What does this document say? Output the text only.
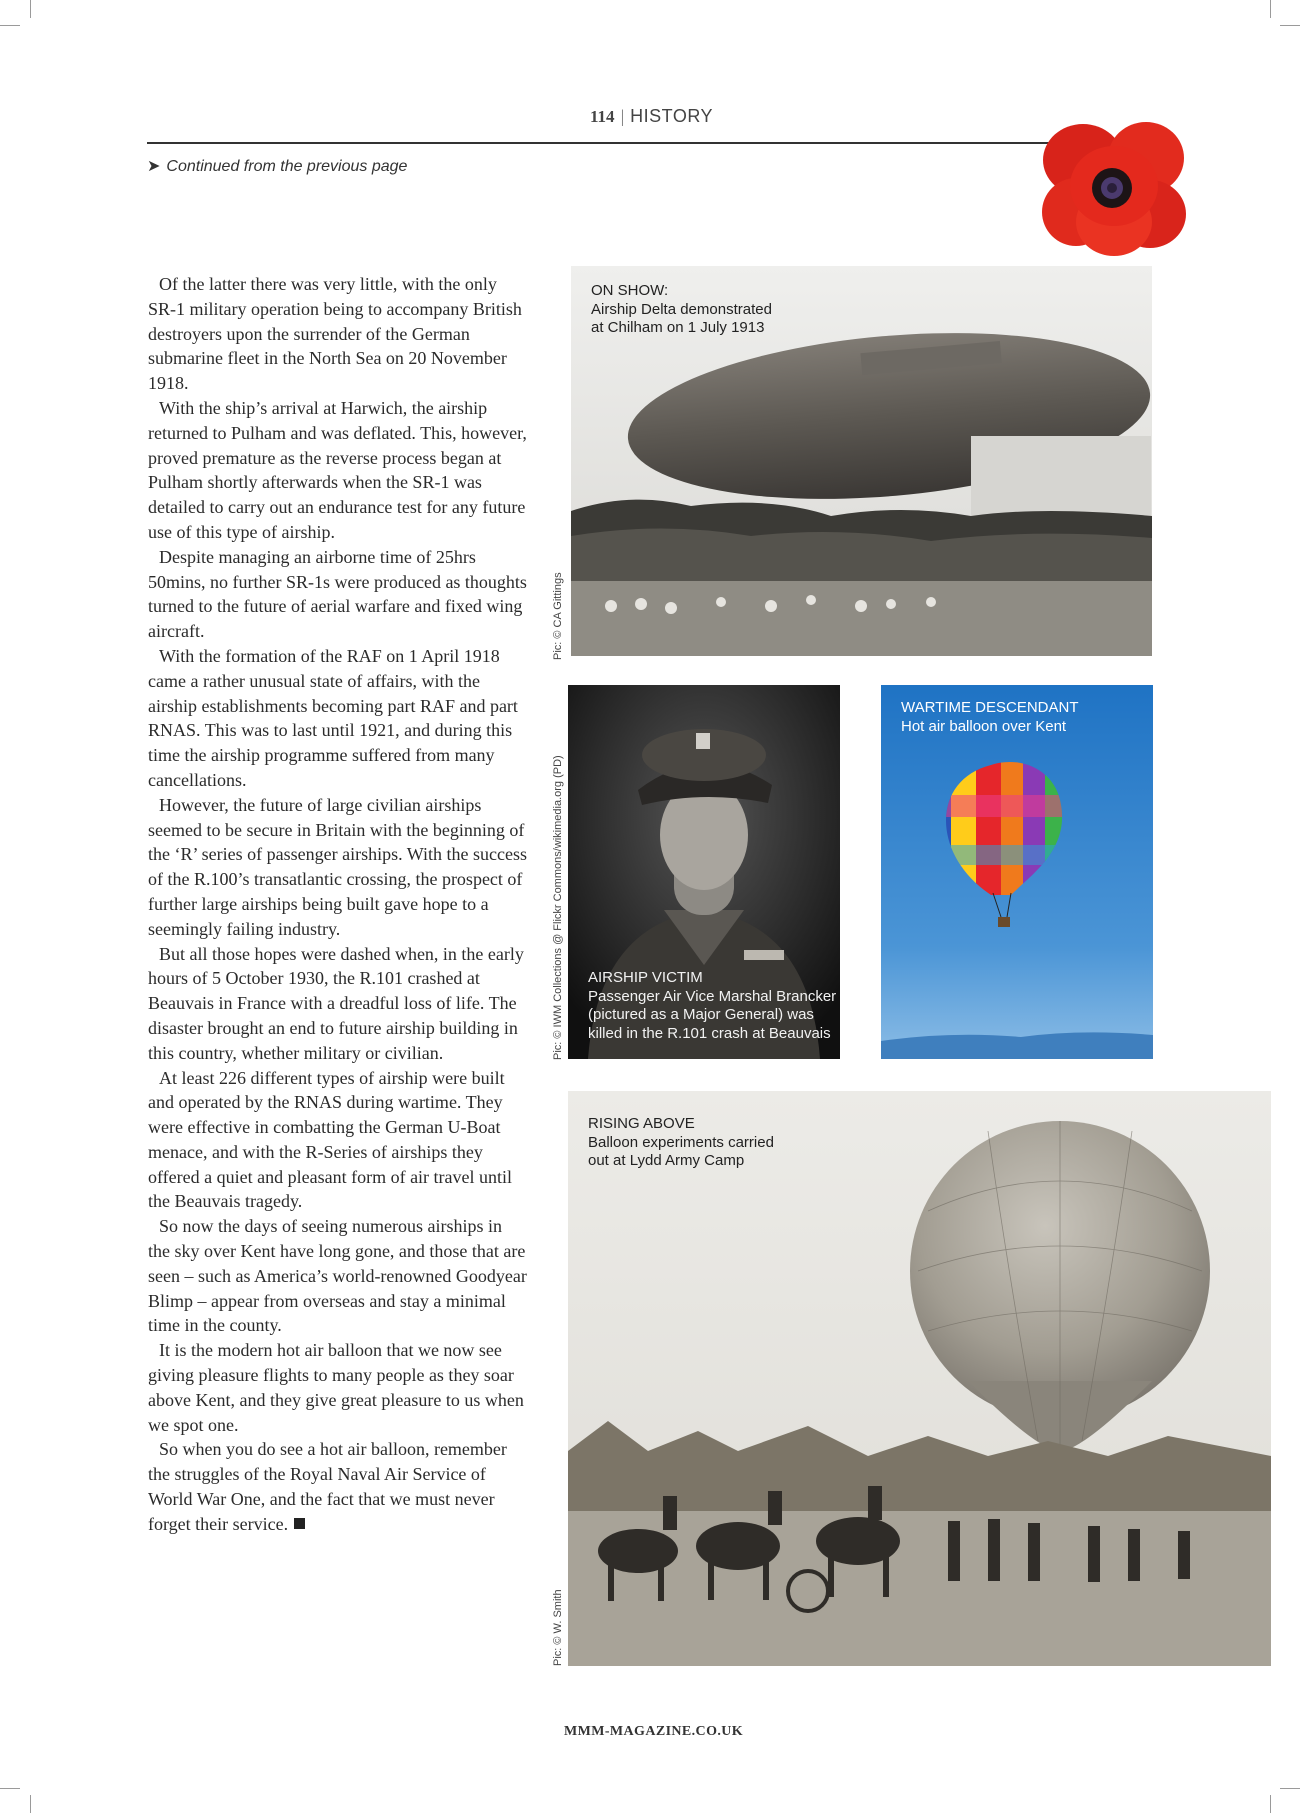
114 | HISTORY
➤ Continued from the previous page

Of the latter there was very little, with the only SR-1 military operation being to accompany British destroyers upon the surrender of the German submarine fleet in the North Sea on 20 November 1918.

With the ship’s arrival at Harwich, the airship returned to Pulham and was deflated. This, however, proved premature as the reverse process began at Pulham shortly afterwards when the SR-1 was detailed to carry out an endurance test for any future use of this type of airship.

Despite managing an airborne time of 25hrs 50mins, no further SR-1s were produced as thoughts turned to the future of aerial warfare and fixed wing aircraft.

With the formation of the RAF on 1 April 1918 came a rather unusual state of affairs, with the airship establishments becoming part RAF and part RNAS. This was to last until 1921, and during this time the airship programme suffered from many cancellations.

However, the future of large civilian airships seemed to be secure in Britain with the beginning of the ‘R’ series of passenger airships. With the success of the R.100’s transatlantic crossing, the prospect of further large airships being built gave hope to a seemingly failing industry.

But all those hopes were dashed when, in the early hours of 5 October 1930, the R.101 crashed at Beauvais in France with a dreadful loss of life. The disaster brought an end to future airship building in this country, whether military or civilian.

At least 226 different types of airship were built and operated by the RNAS during wartime. They were effective in combatting the German U-Boat menace, and with the R-Series of airships they offered a quiet and pleasant form of air travel until the Beauvais tragedy.

So now the days of seeing numerous airships in the sky over Kent have long gone, and those that are seen – such as America’s world-renowned Goodyear Blimp – appear from overseas and stay a minimal time in the county.

It is the modern hot air balloon that we now see giving pleasure flights to many people as they soar above Kent, and they give great pleasure to us when we spot one.

So when you do see a hot air balloon, remember the struggles of the Royal Naval Air Service of World War One, and the fact that we must never forget their service.

ON SHOW:
Airship Delta demonstrated
at Chilham on 1 July 1913
Pic: © CA Gittings
AIRSHIP VICTIM
Passenger Air Vice Marshal Brancker
(pictured as a Major General) was
killed in the R.101 crash at Beauvais
Pic: © IWM Collections @ Flickr Commons/wikimedia.org (PD)
WARTIME DESCENDANT
Hot air balloon over Kent
RISING ABOVE
Balloon experiments carried
out at Lydd Army Camp
Pic: © W. Smith
MMM-MAGAZINE.CO.UK
